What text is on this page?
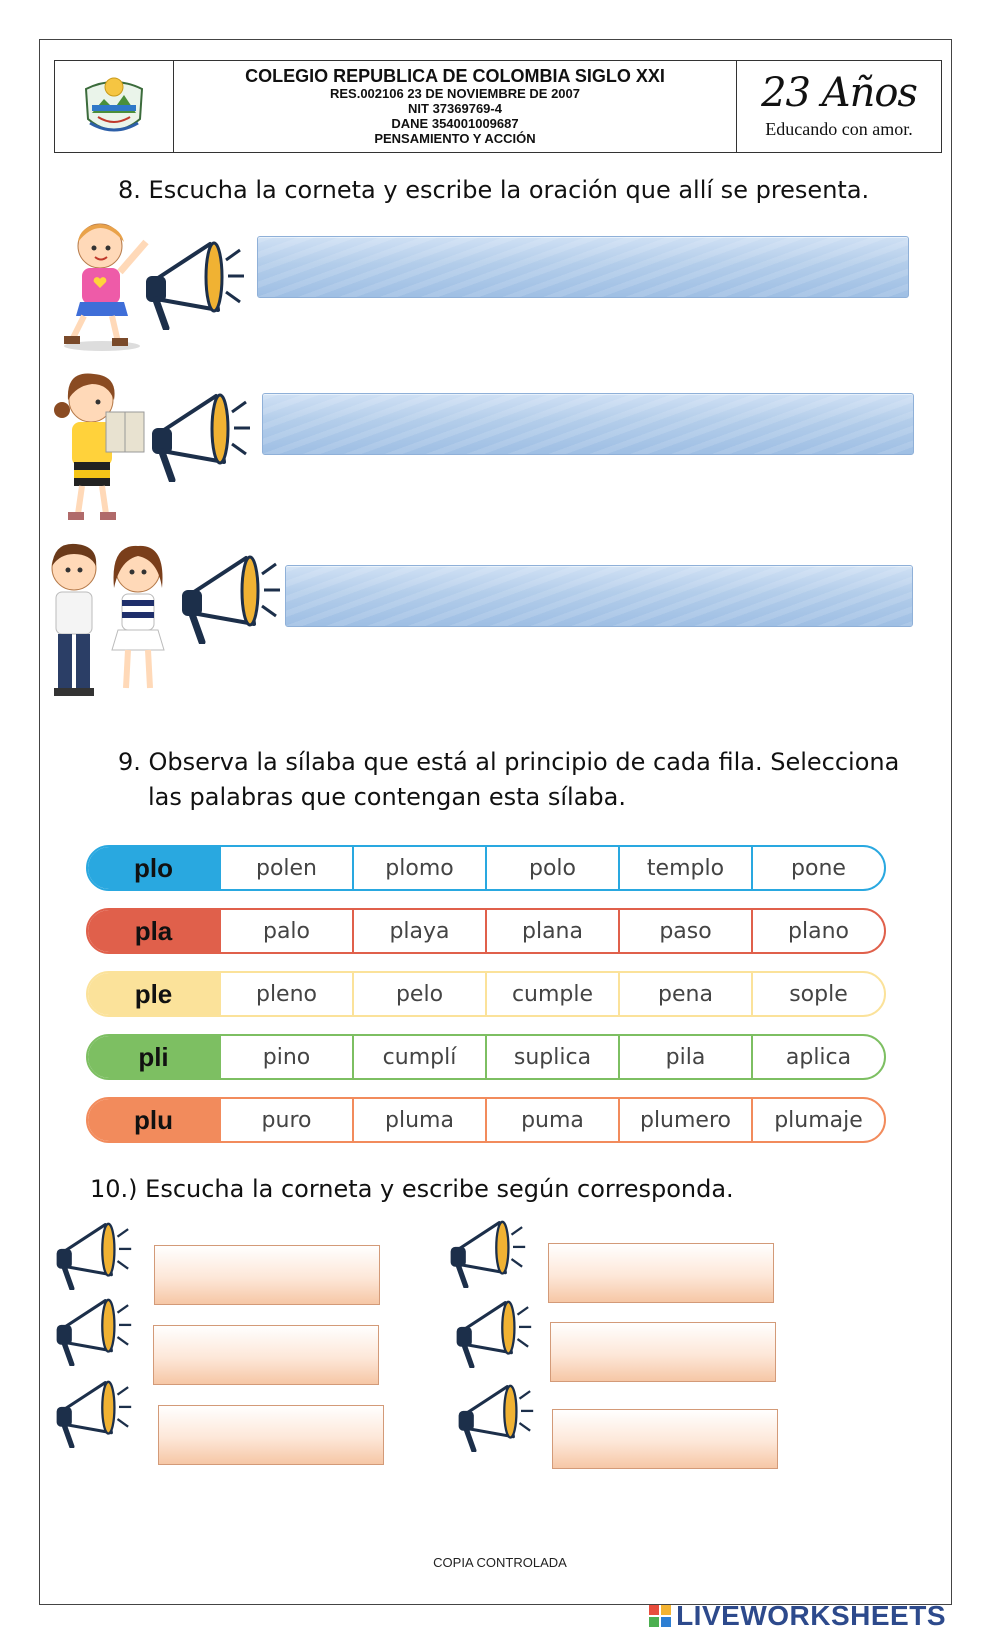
COLEGIO REPUBLICA DE COLOMBIA SIGLO XXI
RES.002106 23 DE NOVIEMBRE DE 2007
NIT 37369769-4
DANE 354001009687
PENSAMIENTO Y ACCIÓN
23 Años
Educando con amor.
8. Escucha la corneta y escribe la oración que allí se presenta.
9. Observa la sílaba que está al principio de cada fila. Selecciona
las palabras que contengan esta sílaba.
plo	polen	plomo	polo	templo	pone
pla	palo	playa	plana	paso	plano
ple	pleno	pelo	cumple	pena	sople
pli	pino	cumplí	suplica	pila	aplica
plu	puro	pluma	puma	plumero	plumaje
10.) Escucha la corneta y escribe según corresponda.
COPIA CONTROLADA
LIVEWORKSHEETS
